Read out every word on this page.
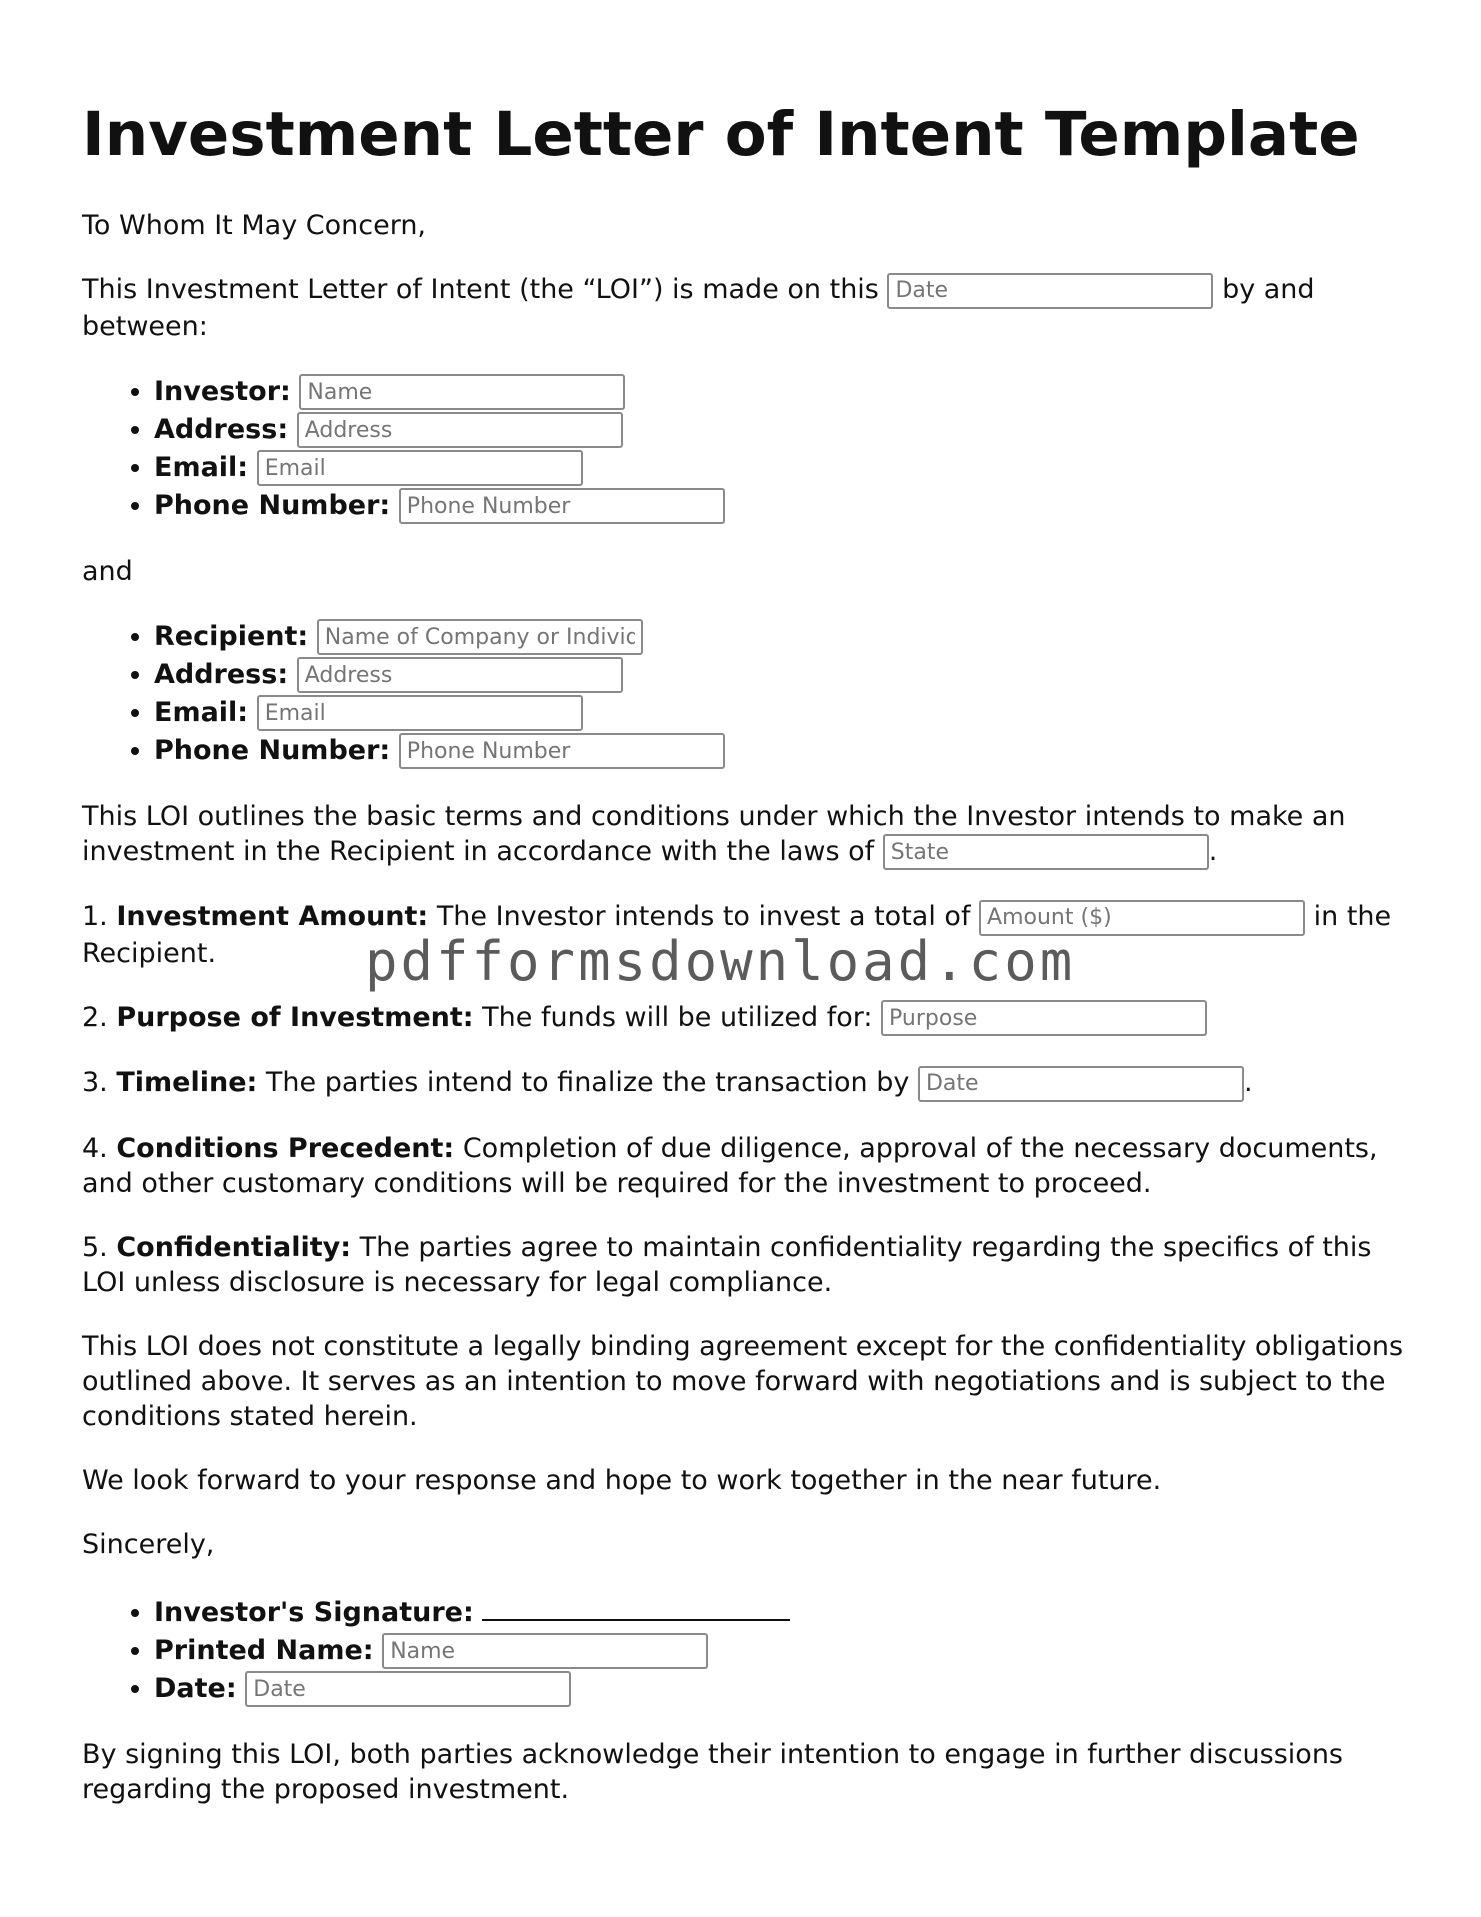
Investment Letter of Intent Template

To Whom It May Concern,

This Investment Letter of Intent (the “LOI”) is made on this Date	by and between:

• Investor: Name
• Address: Address
• Email: Email
• Phone Number: Phone Number

and

• Recipient: Name of Company or Individual
• Address: Address
• Email: Email
• Phone Number: Phone Number

This LOI outlines the basic terms and conditions under which the Investor intends to make an investment in the Recipient in accordance with the laws of State	.

1. Investment Amount: The Investor intends to invest a total of Amount ($)	in the Recipient.

2. Purpose of Investment: The funds will be utilized for: Purpose

3. Timeline: The parties intend to finalize the transaction by Date	.

4. Conditions Precedent: Completion of due diligence, approval of the necessary documents, and other customary conditions will be required for the investment to proceed.

5. Confidentiality: The parties agree to maintain confidentiality regarding the specifics of this LOI unless disclosure is necessary for legal compliance.

This LOI does not constitute a legally binding agreement except for the confidentiality obligations outlined above. It serves as an intention to move forward with negotiations and is subject to the conditions stated herein.

We look forward to your response and hope to work together in the near future.

Sincerely,

• Investor's Signature:
• Printed Name: Name
• Date: Date

By signing this LOI, both parties acknowledge their intention to engage in further discussions regarding the proposed investment.

pdfformsdownload.com
